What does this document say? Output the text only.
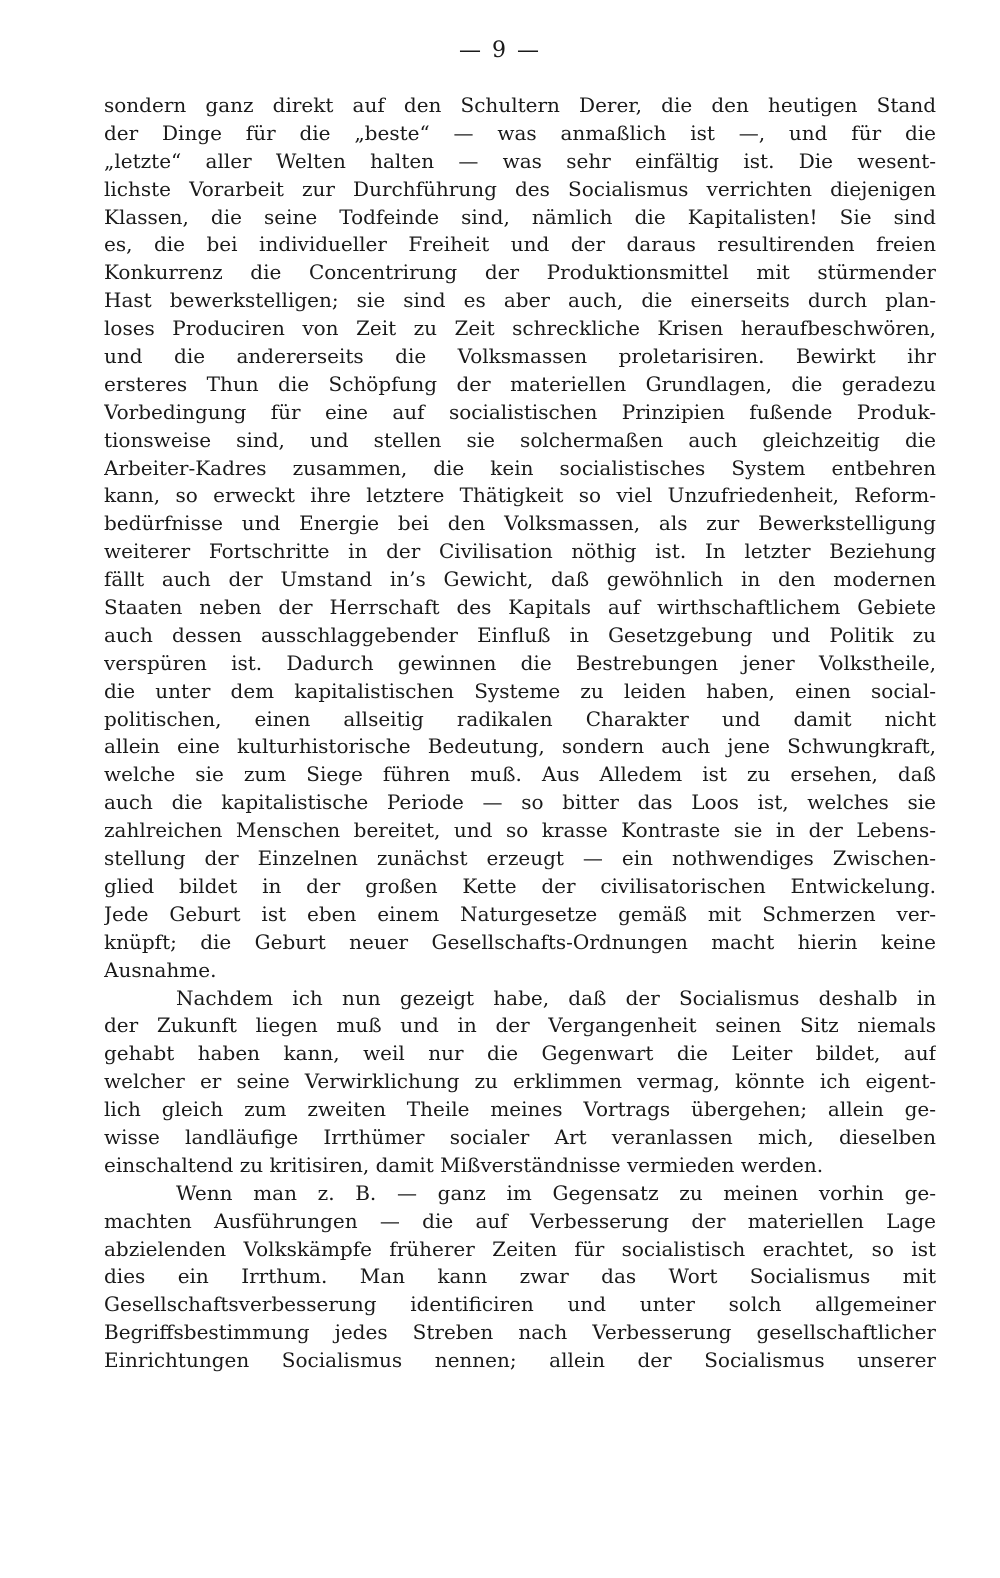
— 9 —
sondern ganz direkt auf den Schultern Derer, die den heutigen Stand
der Dinge für die „beste“ — was anmaßlich ist —, und für die
„letzte“ aller Welten halten — was sehr einfältig ist. Die wesent-
lichste Vorarbeit zur Durchführung des Socialismus verrichten diejenigen
Klassen, die seine Todfeinde sind, nämlich die Kapitalisten! Sie sind
es, die bei individueller Freiheit und der daraus resultirenden freien
Konkurrenz die Concentrirung der Produktionsmittel mit stürmender
Hast bewerkstelligen; sie sind es aber auch, die einerseits durch plan-
loses Produciren von Zeit zu Zeit schreckliche Krisen heraufbeschwören,
und die andererseits die Volksmassen proletarisiren. Bewirkt ihr
ersteres Thun die Schöpfung der materiellen Grundlagen, die geradezu
Vorbedingung für eine auf socialistischen Prinzipien fußende Produk-
tionsweise sind, und stellen sie solchermaßen auch gleichzeitig die
Arbeiter-Kadres zusammen, die kein socialistisches System entbehren
kann, so erweckt ihre letztere Thätigkeit so viel Unzufriedenheit, Reform-
bedürfnisse und Energie bei den Volksmassen, als zur Bewerkstelligung
weiterer Fortschritte in der Civilisation nöthig ist. In letzter Beziehung
fällt auch der Umstand in’s Gewicht, daß gewöhnlich in den modernen
Staaten neben der Herrschaft des Kapitals auf wirthschaftlichem Gebiete
auch dessen ausschlaggebender Einfluß in Gesetzgebung und Politik zu
verspüren ist. Dadurch gewinnen die Bestrebungen jener Volkstheile,
die unter dem kapitalistischen Systeme zu leiden haben, einen social-
politischen, einen allseitig radikalen Charakter und damit nicht
allein eine kulturhistorische Bedeutung, sondern auch jene Schwungkraft,
welche sie zum Siege führen muß. Aus Alledem ist zu ersehen, daß
auch die kapitalistische Periode — so bitter das Loos ist, welches sie
zahlreichen Menschen bereitet, und so krasse Kontraste sie in der Lebens-
stellung der Einzelnen zunächst erzeugt — ein nothwendiges Zwischen-
glied bildet in der großen Kette der civilisatorischen Entwickelung.
Jede Geburt ist eben einem Naturgesetze gemäß mit Schmerzen ver-
knüpft; die Geburt neuer Gesellschafts-Ordnungen macht hierin keine
Ausnahme.
Nachdem ich nun gezeigt habe, daß der Socialismus deshalb in
der Zukunft liegen muß und in der Vergangenheit seinen Sitz niemals
gehabt haben kann, weil nur die Gegenwart die Leiter bildet, auf
welcher er seine Verwirklichung zu erklimmen vermag, könnte ich eigent-
lich gleich zum zweiten Theile meines Vortrags übergehen; allein ge-
wisse landläufige Irrthümer socialer Art veranlassen mich, dieselben
einschaltend zu kritisiren, damit Mißverständnisse vermieden werden.
Wenn man z. B. — ganz im Gegensatz zu meinen vorhin ge-
machten Ausführungen — die auf Verbesserung der materiellen Lage
abzielenden Volkskämpfe früherer Zeiten für socialistisch erachtet, so ist
dies ein Irrthum. Man kann zwar das Wort Socialismus mit
Gesellschaftsverbesserung identificiren und unter solch allgemeiner
Begriffsbestimmung jedes Streben nach Verbesserung gesellschaftlicher
Einrichtungen Socialismus nennen; allein der Socialismus unserer
